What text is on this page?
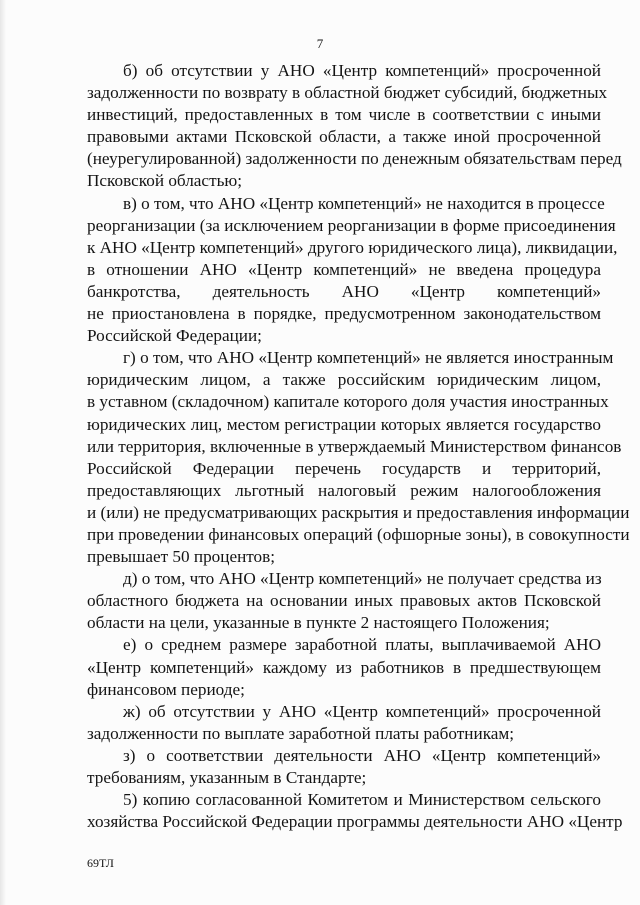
7

б) об отсутствии у АНО «Центр компетенций» просроченной
задолженности по возврату в областной бюджет субсидий, бюджетных
инвестиций, предоставленных в том числе в соответствии с иными
правовыми актами Псковской области, а также иной просроченной
(неурегулированной) задолженности по денежным обязательствам перед
Псковской областью;

в) о том, что АНО «Центр компетенций» не находится в процессе
реорганизации (за исключением реорганизации в форме присоединения
к АНО «Центр компетенций» другого юридического лица), ликвидации,
в отношении АНО «Центр компетенций» не введена процедура
банкротства, деятельность АНО «Центр компетенций»
не приостановлена в порядке, предусмотренном законодательством
Российской Федерации;

г) о том, что АНО «Центр компетенций» не является иностранным
юридическим лицом, а также российским юридическим лицом,
в уставном (складочном) капитале которого доля участия иностранных
юридических лиц, местом регистрации которых является государство
или территория, включенные в утверждаемый Министерством финансов
Российской Федерации перечень государств и территорий,
предоставляющих льготный налоговый режим налогообложения
и (или) не предусматривающих раскрытия и предоставления информации
при проведении финансовых операций (офшорные зоны), в совокупности
превышает 50 процентов;

д) о том, что АНО «Центр компетенций» не получает средства из
областного бюджета на основании иных правовых актов Псковской
области на цели, указанные в пункте 2 настоящего Положения;

е) о среднем размере заработной платы, выплачиваемой АНО
«Центр компетенций» каждому из работников в предшествующем
финансовом периоде;

ж) об отсутствии у АНО «Центр компетенций» просроченной
задолженности по выплате заработной платы работникам;

з) о соответствии деятельности АНО «Центр компетенций»
требованиям, указанным в Стандарте;

5) копию согласованной Комитетом и Министерством сельского
хозяйства Российской Федерации программы деятельности АНО «Центр

69ТЛ
